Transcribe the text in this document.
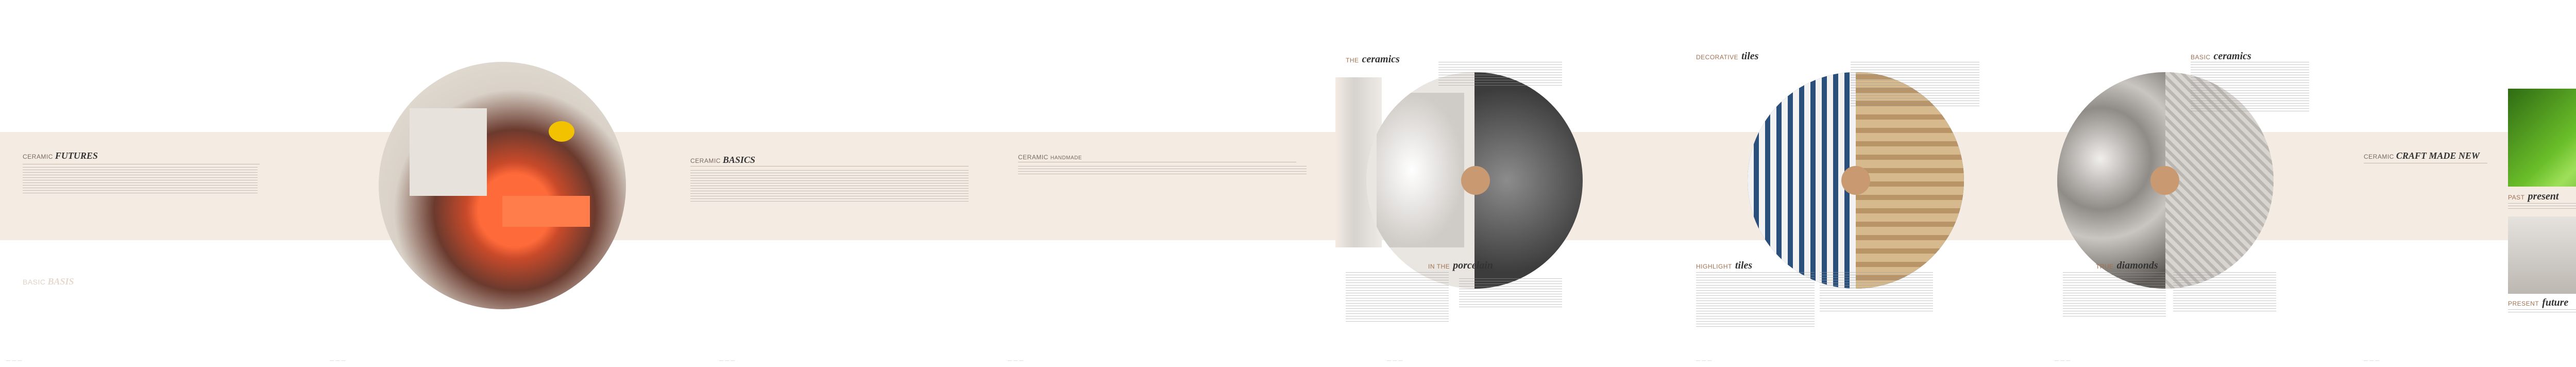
CERAMIC FUTURES
BASIC BASIS
— — —	— — —
CERAMIC BASICS	CERAMIC HANDMADE
— — —	— — —
THE ceramics
IN THE porcelain
DECORATIVE tiles
HIGHLIGHT tiles
— — —	— — —
BASIC ceramics
TRUE diamonds
CERAMIC CRAFT MADE NEW
PAST present
PRESENT future
— — —	— — —
